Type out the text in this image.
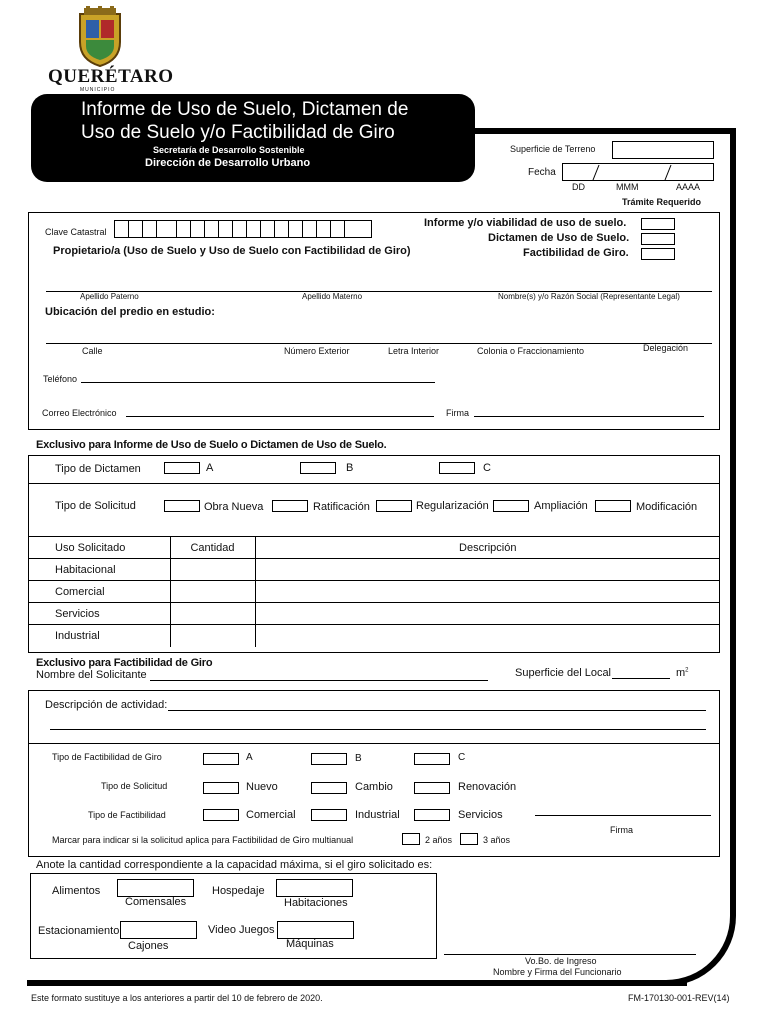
QUERÉTARO
MUNICIPIO
Informe de Uso de Suelo, Dictamen de
Uso de Suelo y/o Factibilidad de Giro
Secretaría de Desarrollo Sostenible
Dirección de Desarrollo Urbano
Superficie de Terreno
Fecha
DD	MMM	AAAA
Trámite Requerido
Clave Catastral
Propietario/a (Uso de Suelo y Uso de Suelo con Factibilidad de Giro)
Informe y/o viabilidad de uso de suelo.
Dictamen de Uso de Suelo.
Factibilidad de Giro.
Apellido Paterno	Apellido Materno	Nombre(s) y/o Razón Social (Representante Legal)
Ubicación del predio en estudio:
Calle	Número Exterior	Letra Interior	Colonia o Fraccionamiento	Delegación
Teléfono
Correo Electrónico	Firma
Exclusivo para Informe de Uso de Suelo o Dictamen de Uso de Suelo.
Tipo de Dictamen	A	B	C
Tipo de Solicitud	Obra Nueva	Ratificación	Regularización	Ampliación	Modificación
Uso Solicitado	Cantidad	Descripción
Habitacional		
Comercial		
Servicios		
Industrial		
Exclusivo para Factibilidad de Giro
Nombre del Solicitante	Superficie del Local	$m^2$
Descripción de actividad:
Tipo de Factibilidad de Giro	A	B	C
Tipo de Solicitud	Nuevo	Cambio	Renovación
Tipo de Factibilidad	Comercial	Industrial	Servicios
Firma
Marcar para indicar si la solicitud aplica para Factibilidad de Giro multianual	2 años	3 años
Anote la cantidad correspondiente a la capacidad máxima, si el giro solicitado es:
Alimentos
Comensales
Hospedaje
Habitaciones
Estacionamiento
Cajones
Video Juegos
Máquinas
Vo.Bo. de Ingreso
Nombre y Firma del Funcionario
Este formato sustituye a los anteriores a partir del 10 de febrero de 2020.	FM-170130-001-REV(14)
